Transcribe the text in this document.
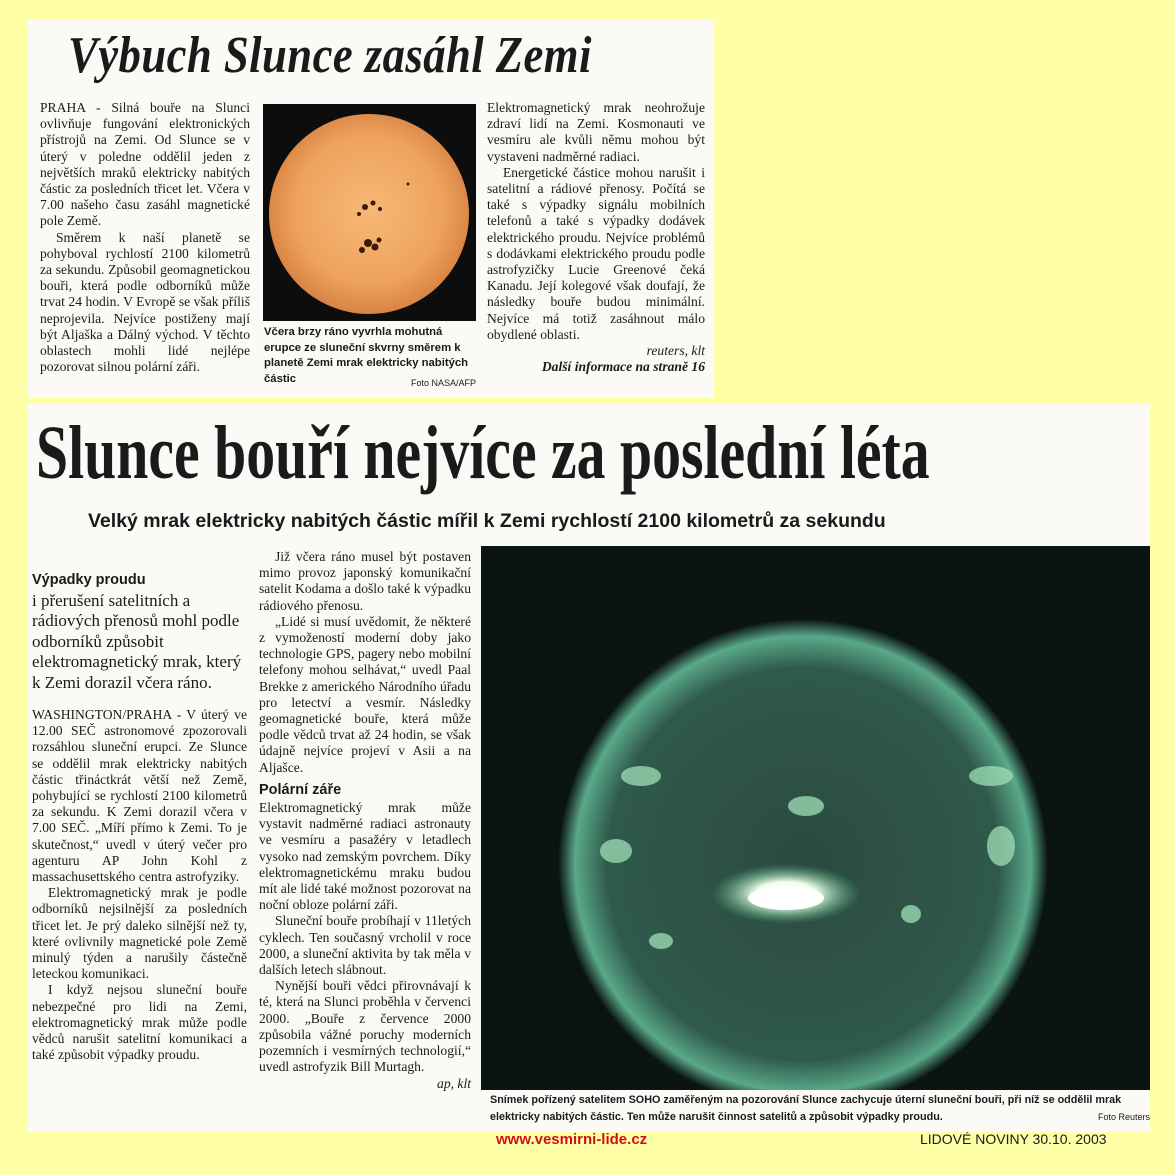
Výbuch Slunce zasáhl Zemi

PRAHA - Silná bouře na Slunci ovlivňuje fungování elektronických přístrojů na Zemi. Od Slunce se v úterý v poledne oddělil jeden z největších mraků elektricky nabitých částic za posledních třicet let. Včera v 7.00 našeho času zasáhl magnetické pole Země.

Směrem k naší planetě se pohyboval rychlostí 2100 kilometrů za sekundu. Způsobil geomagnetickou bouři, která podle odborníků může trvat 24 hodin. V Evropě se však příliš neprojevila. Nejvíce postiženy mají být Aljaška a Dálný východ. V těchto oblastech mohli lidé nejlépe pozorovat silnou polární záři.

Včera brzy ráno vyvrhla mohutná erupce ze sluneční skvrny směrem k planetě Zemi mrak elektricky nabitých částic	Foto NASA/AFP

Elektromagnetický mrak neohrožuje zdraví lidí na Zemi. Kosmonauti ve vesmíru ale kvůli němu mohou být vystaveni nadměrné radiaci.

Energetické částice mohou narušit i satelitní a rádiové přenosy. Počítá se také s výpadky signálu mobilních telefonů a také s výpadky dodávek elektrického proudu. Nejvíce problémů s dodávkami elektrického proudu podle astrofyzičky Lucie Greenové čeká Kanadu. Její kolegové však doufají, že následky bouře budou minimální. Nejvíce má totiž zasáhnout málo obydlené oblasti.

reuters, klt
Další informace na straně 16
Slunce bouří nejvíce za poslední léta
Velký mrak elektricky nabitých částic mířil k Zemi rychlostí 2100 kilometrů za sekundu
Výpadky proudu
i přerušení satelitních a rádiových přenosů mohl podle odborníků způsobit elektromagnetický mrak, který k Zemi dorazil včera ráno.

WASHINGTON/PRAHA - V úterý ve 12.00 SEČ astronomové zpozorovali rozsáhlou sluneční erupci. Ze Slunce se oddělil mrak elektricky nabitých částic třináctkrát větší než Země, pohybující se rychlostí 2100 kilometrů za sekundu. K Zemi dorazil včera v 7.00 SEČ. „Míří přímo k Zemi. To je skutečnost,“ uvedl v úterý večer pro agenturu AP John Kohl z massachusettského centra astrofyziky.

Elektromagnetický mrak je podle odborníků nejsilnější za posledních třicet let. Je prý daleko silnější než ty, které ovlivnily magnetické pole Země minulý týden a narušily částečně leteckou komunikaci.

I když nejsou sluneční bouře nebezpečné pro lidi na Zemi, elektromagnetický mrak může podle vědců narušit satelitní komunikaci a také způsobit výpadky proudu.

Již včera ráno musel být postaven mimo provoz japonský komunikační satelit Kodama a došlo také k výpadku rádiového přenosu.

„Lidé si musí uvědomit, že některé z vymožeností moderní doby jako technologie GPS, pagery nebo mobilní telefony mohou selhávat,“ uvedl Paal Brekke z amerického Národního úřadu pro letectví a vesmír. Následky geomagnetické bouře, která může podle vědců trvat až 24 hodin, se však údajně nejvíce projeví v Asii a na Aljašce.

Polární záře

Elektromagnetický mrak může vystavit nadměrné radiaci astronauty ve vesmíru a pasažéry v letadlech vysoko nad zemským povrchem. Díky elektromagnetickému mraku budou mít ale lidé také možnost pozorovat na noční obloze polární záři.

Sluneční bouře probíhají v 11letých cyklech. Ten současný vrcholil v roce 2000, a sluneční aktivita by tak měla v dalších letech slábnout.

Nynější bouři vědci přirovnávají k té, která na Slunci proběhla v červenci 2000. „Bouře z července 2000 způsobila vážné poruchy moderních pozemních i vesmírných technologií,“ uvedl astrofyzik Bill Murtagh.

ap, klt
Snímek pořízený satelitem SOHO zaměřeným na pozorování Slunce zachycuje úterní sluneční bouři, při níž se oddělil mrak elektricky nabitých částic. Ten může narušit činnost satelitů a způsobit výpadky proudu.	Foto Reuters
www.vesmirni-lide.cz	LIDOVÉ NOVINY 30.10. 2003
